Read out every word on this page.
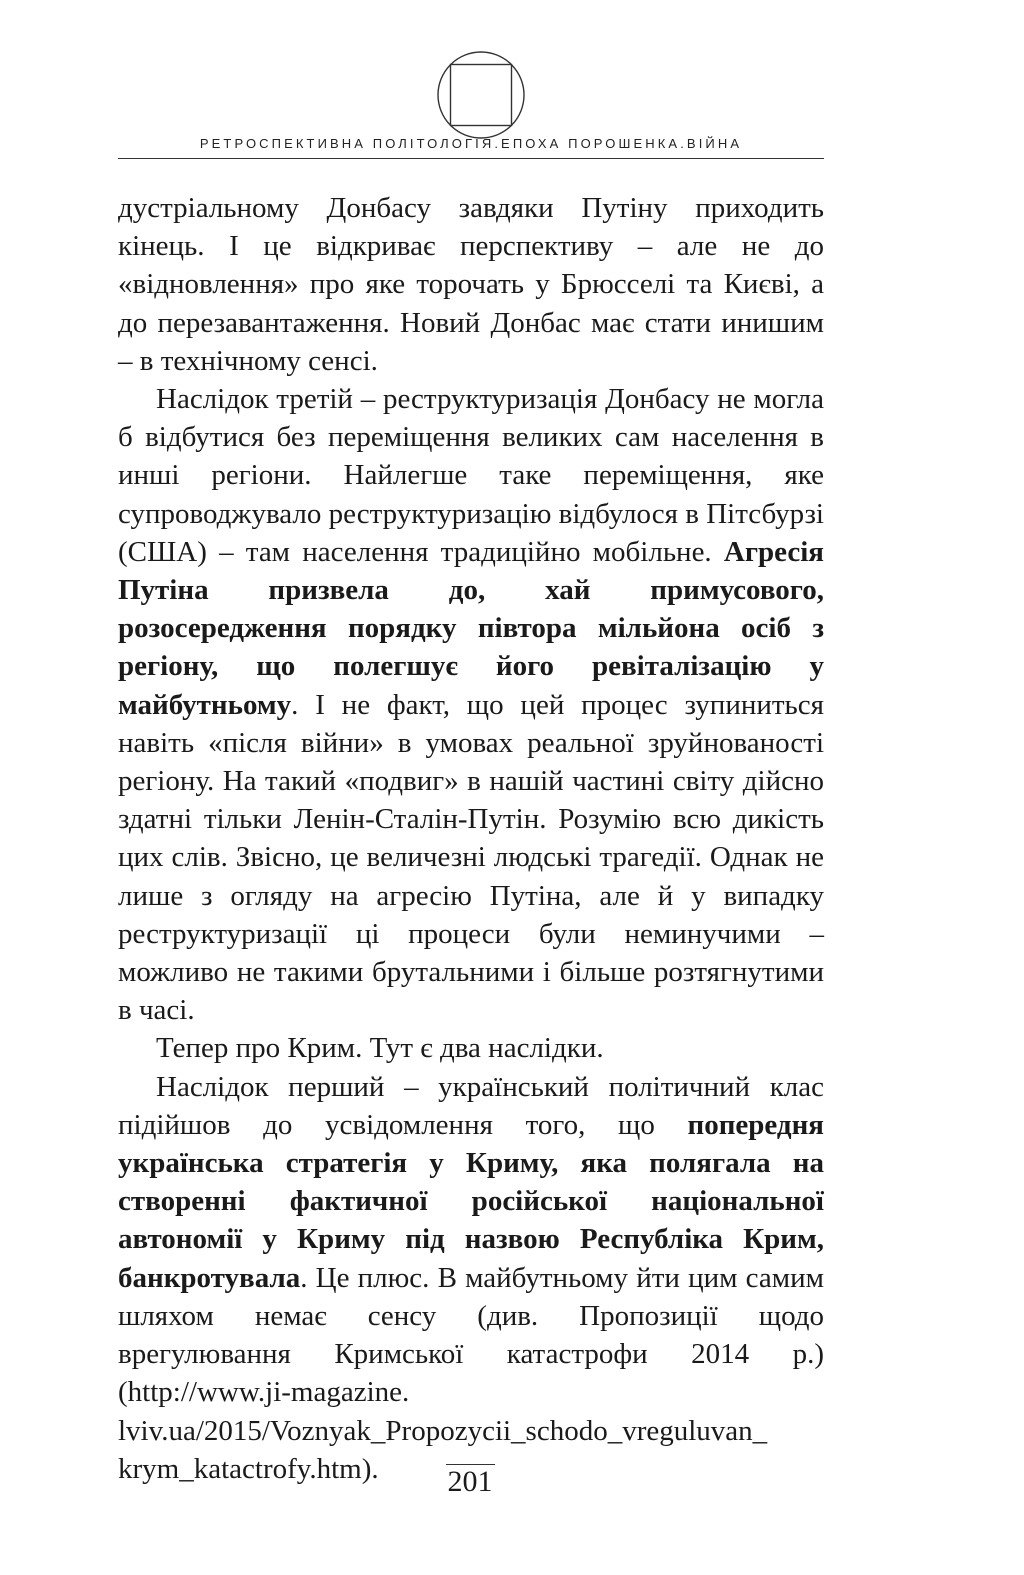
РЕТРОСПЕКТИВНА ПОЛІТОЛОГІЯ.ЕПОХА ПОРОШЕНКА.ВІЙНА

дустріальному Донбасу завдяки Путіну приходить кінець. І це відкриває перспективу – але не до «відновлення» про яке торочать у Брюсселі та Києві, а до перезавантаження. Новий Донбас має стати инишим – в технічному сенсі.

Наслідок третій – реструктуризація Донбасу не могла б відбутися без переміщення великих сам населення в инші регіони. Найлегше таке переміщення, яке супроводжувало реструктуризацію відбулося в Пітсбурзі (США) – там населення традиційно мобільне. Агресія Путіна призвела до, хай примусового, розосередження порядку півтора мільйона осіб з регіону, що полегшує його ревіталізацію у майбутньому. І не факт, що цей процес зупиниться навіть «після війни» в умовах реальної зруйнованості регіону. На такий «подвиг» в нашій частині світу дійсно здатні тільки Ленін-Сталін-Путін. Розумію всю дикість цих слів. Звісно, це величезні людські трагедії. Однак не лише з огляду на агресію Путіна, але й у випадку реструктуризації ці процеси були неминучими – можливо не такими брутальними і більше розтягнутими в часі.

Тепер про Крим. Тут є два наслідки.

Наслідок перший – український політичний клас підійшов до усвідомлення того, що попередня українська стратегія у Криму, яка полягала на створенні фактичної російської національної автономії у Криму під назвою Республіка Крим, банкротувала. Це плюс. В майбутньому йти цим самим шляхом немає сенсу (див. Пропозиції щодо врегулювання Кримської катастрофи 2014 р.) (http://www.ji-magazine. lviv.ua/2015/Voznyak_Propozycii_schodo_vreguluvan_ krym_katactrofy.htm).	201
